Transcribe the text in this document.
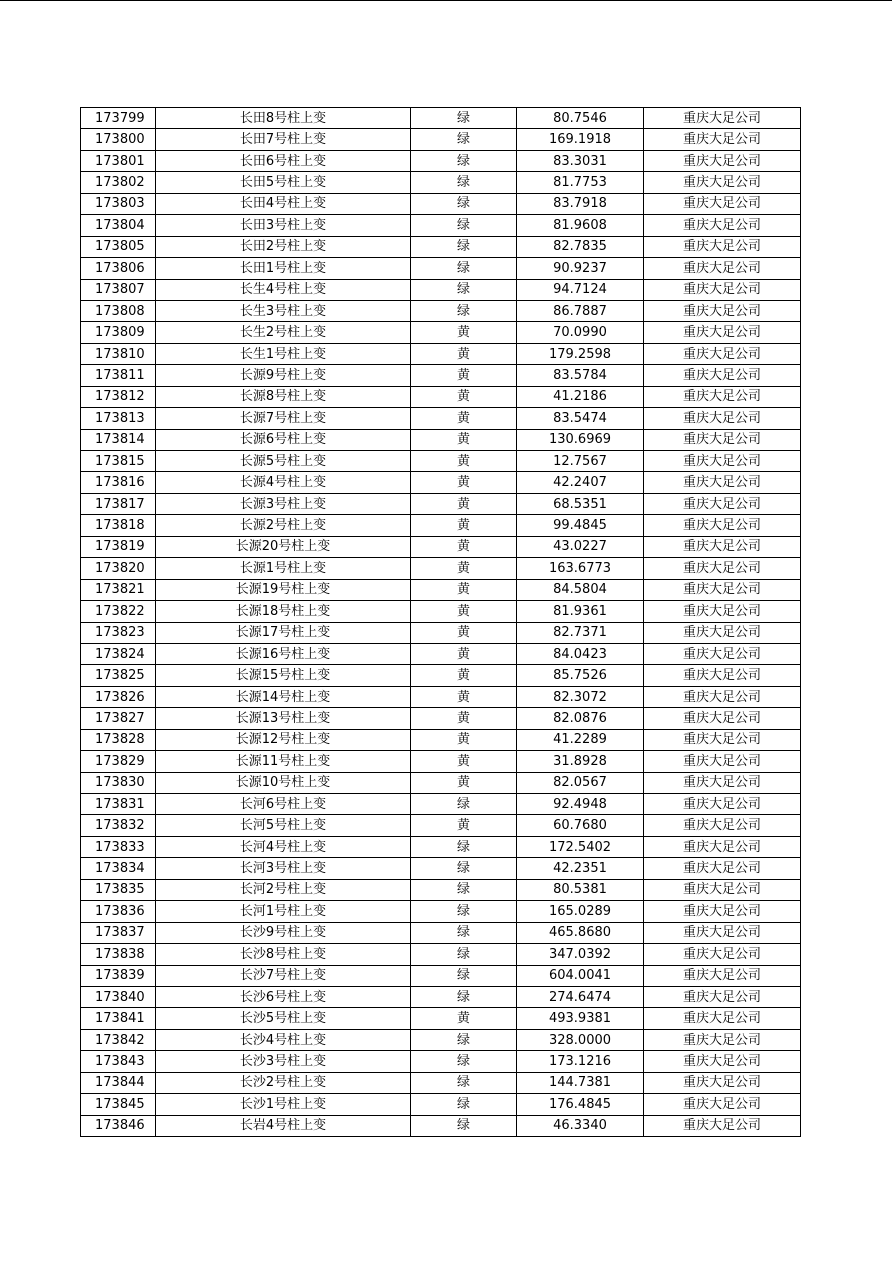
173799	长田8号柱上变	绿	80.7546	重庆大足公司
173800	长田7号柱上变	绿	169.1918	重庆大足公司
173801	长田6号柱上变	绿	83.3031	重庆大足公司
173802	长田5号柱上变	绿	81.7753	重庆大足公司
173803	长田4号柱上变	绿	83.7918	重庆大足公司
173804	长田3号柱上变	绿	81.9608	重庆大足公司
173805	长田2号柱上变	绿	82.7835	重庆大足公司
173806	长田1号柱上变	绿	90.9237	重庆大足公司
173807	长生4号柱上变	绿	94.7124	重庆大足公司
173808	长生3号柱上变	绿	86.7887	重庆大足公司
173809	长生2号柱上变	黄	70.0990	重庆大足公司
173810	长生1号柱上变	黄	179.2598	重庆大足公司
173811	长源9号柱上变	黄	83.5784	重庆大足公司
173812	长源8号柱上变	黄	41.2186	重庆大足公司
173813	长源7号柱上变	黄	83.5474	重庆大足公司
173814	长源6号柱上变	黄	130.6969	重庆大足公司
173815	长源5号柱上变	黄	12.7567	重庆大足公司
173816	长源4号柱上变	黄	42.2407	重庆大足公司
173817	长源3号柱上变	黄	68.5351	重庆大足公司
173818	长源2号柱上变	黄	99.4845	重庆大足公司
173819	长源20号柱上变	黄	43.0227	重庆大足公司
173820	长源1号柱上变	黄	163.6773	重庆大足公司
173821	长源19号柱上变	黄	84.5804	重庆大足公司
173822	长源18号柱上变	黄	81.9361	重庆大足公司
173823	长源17号柱上变	黄	82.7371	重庆大足公司
173824	长源16号柱上变	黄	84.0423	重庆大足公司
173825	长源15号柱上变	黄	85.7526	重庆大足公司
173826	长源14号柱上变	黄	82.3072	重庆大足公司
173827	长源13号柱上变	黄	82.0876	重庆大足公司
173828	长源12号柱上变	黄	41.2289	重庆大足公司
173829	长源11号柱上变	黄	31.8928	重庆大足公司
173830	长源10号柱上变	黄	82.0567	重庆大足公司
173831	长河6号柱上变	绿	92.4948	重庆大足公司
173832	长河5号柱上变	黄	60.7680	重庆大足公司
173833	长河4号柱上变	绿	172.5402	重庆大足公司
173834	长河3号柱上变	绿	42.2351	重庆大足公司
173835	长河2号柱上变	绿	80.5381	重庆大足公司
173836	长河1号柱上变	绿	165.0289	重庆大足公司
173837	长沙9号柱上变	绿	465.8680	重庆大足公司
173838	长沙8号柱上变	绿	347.0392	重庆大足公司
173839	长沙7号柱上变	绿	604.0041	重庆大足公司
173840	长沙6号柱上变	绿	274.6474	重庆大足公司
173841	长沙5号柱上变	黄	493.9381	重庆大足公司
173842	长沙4号柱上变	绿	328.0000	重庆大足公司
173843	长沙3号柱上变	绿	173.1216	重庆大足公司
173844	长沙2号柱上变	绿	144.7381	重庆大足公司
173845	长沙1号柱上变	绿	176.4845	重庆大足公司
173846	长岩4号柱上变	绿	46.3340	重庆大足公司
